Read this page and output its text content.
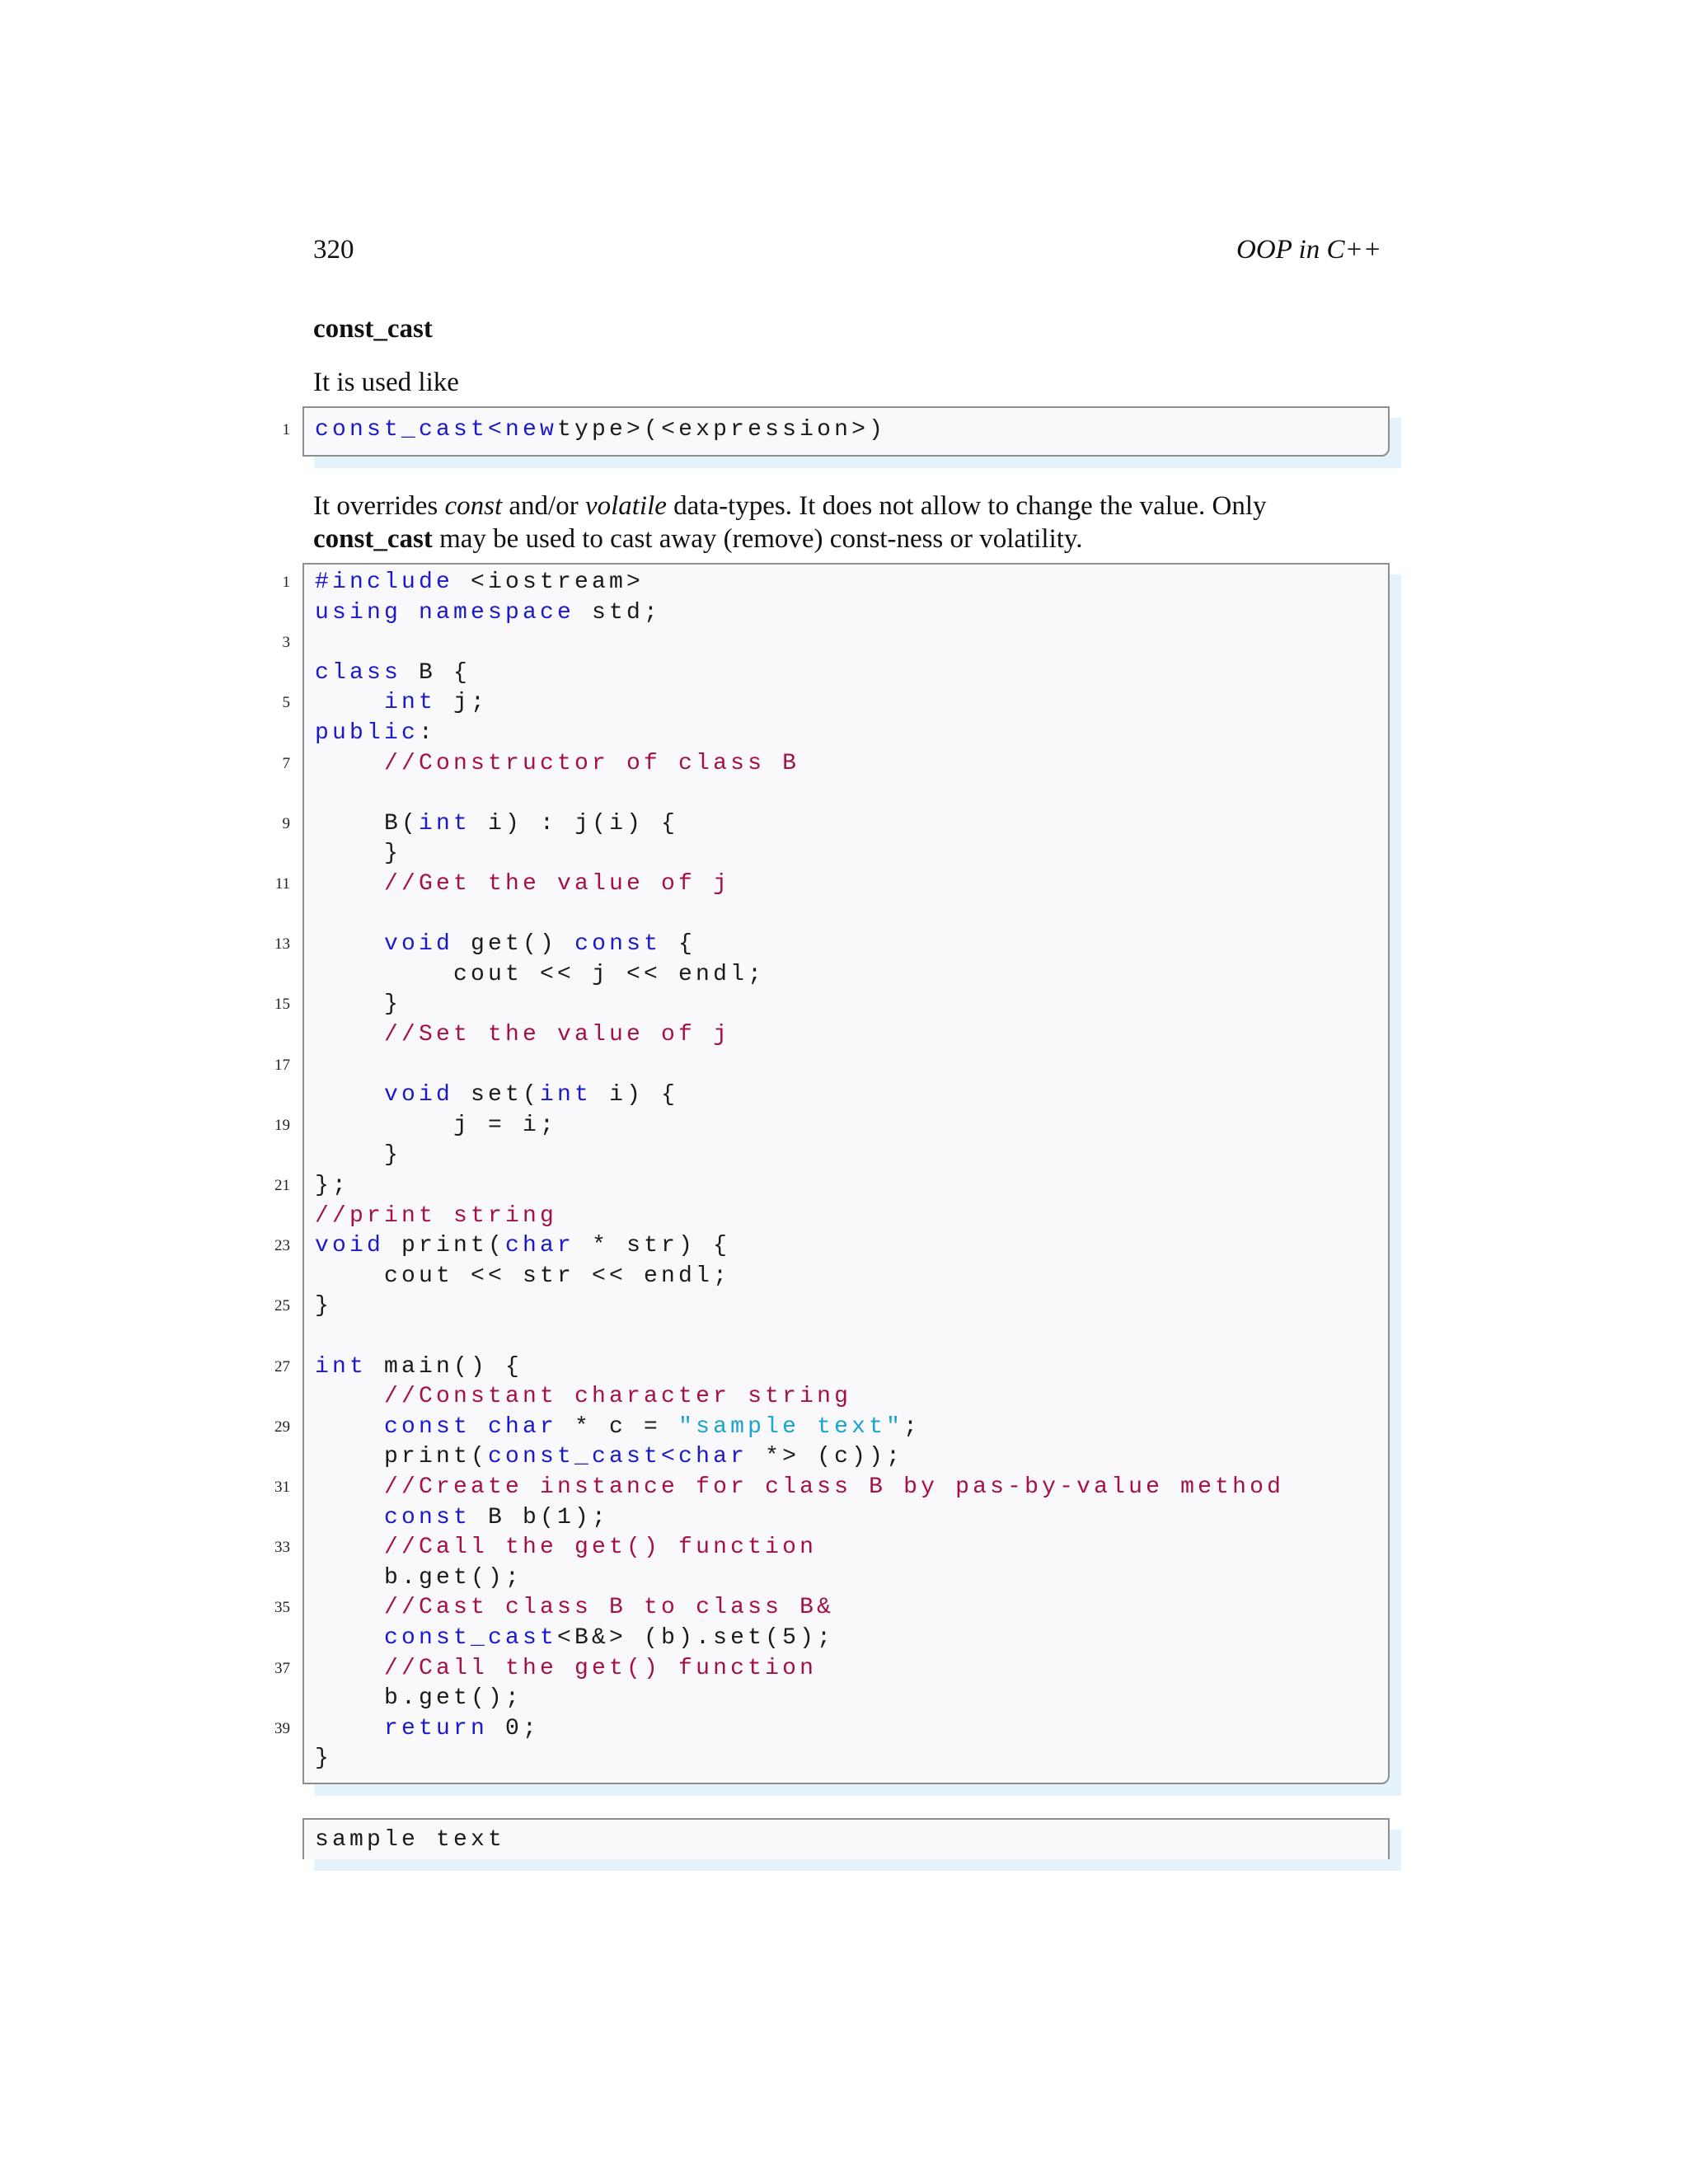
320	OOP in C++
const_cast
It is used like
1 const_cast<newtype>(<expression>)
It overrides const and/or volatile data-types. It does not allow to change the value. Only
const_cast may be used to cast away (remove) const-ness or volatility.
1 #include <iostream>
using namespace std;
3
class B {
5	int j;
public:
7	//Constructor of class B
9 B(int i) : j(i) {
}
11	//Get the value of j
13	void get() const {
cout << j << endl;
15 }
//Set the value of j
17
void set(int i) {
19 j = i;
}
21 };
//print string
23 void print(char * str) {
cout << str << endl;
25 }
27 int main() {
//Constant character string
29	const char * c = "sample text";
print(const_cast<char *> (c));
31	//Create instance for class B by pas-by-value method
const B b(1);
33	//Call the get() function
b.get();
35	//Cast class B to class B&
const_cast<B&> (b).set(5);
37	//Call the get() function
b.get();
39	return 0;
}
sample text
